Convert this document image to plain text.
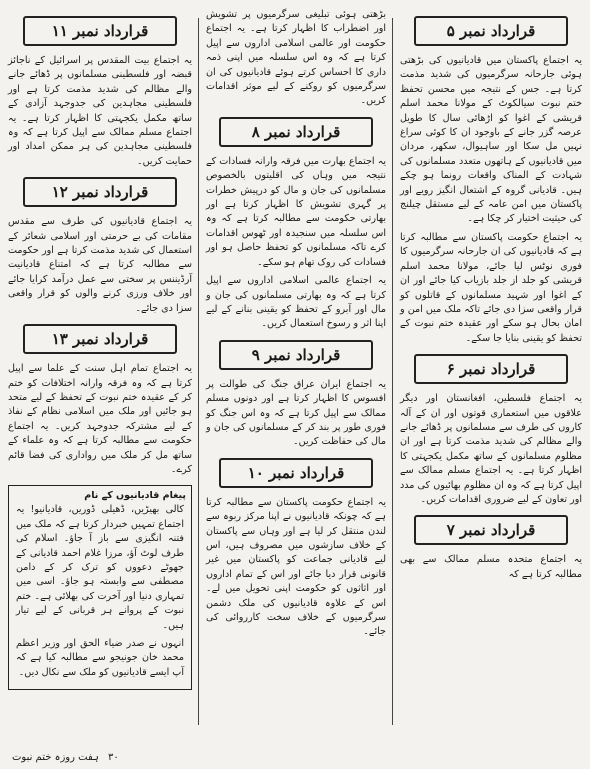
قرارداد نمبر ۵

یہ اجتماع پاکستان میں قادیانیوں کی بڑھتی ہوئی جارحانہ سرگرمیوں کی شدید مذمت کرتا ہے۔ جس کے نتیجہ میں محسن تحفظ ختم نبوت سیالکوٹ کے مولانا محمد اسلم قریشی کے اغوا کو اڑھائی سال کا طویل عرصہ گزر جانے کے باوجود ان کا کوئی سراغ نہیں مل سکا اور ساہیوال، سکھر، مردان میں قادیانیوں کے ہاتھوں متعدد مسلمانوں کی شہادت کے المناک واقعات رونما ہو چکے ہیں۔ قادیانی گروہ کے اشتعال انگیز رویے اور پاکستان میں امن عامہ کے لیے مستقل چیلنج کی حیثیت اختیار کر چکا ہے۔

یہ اجتماع حکومت پاکستان سے مطالبہ کرتا ہے کہ قادیانیوں کی ان جارحانہ سرگرمیوں کا فوری نوٹس لیا جائے، مولانا محمد اسلم قریشی کو جلد از جلد بازیاب کیا جائے اور ان کے اغوا اور شہید مسلمانوں کے قاتلوں کو قرار واقعی سزا دی جائے تاکہ ملک میں امن و امان بحال ہو سکے اور عقیدہ ختم نبوت کے تحفظ کو یقینی بنایا جا سکے۔

قرارداد نمبر ۶

یہ اجتماع فلسطین، افغانستان اور دیگر علاقوں میں استعماری قوتوں اور ان کے آلہ کاروں کی طرف سے مسلمانوں پر ڈھائے جانے والے مظالم کی شدید مذمت کرتا ہے اور ان مظلوم مسلمانوں کے ساتھ مکمل یکجہتی کا اظہار کرتا ہے۔ یہ اجتماع مسلم ممالک سے اپیل کرتا ہے کہ وہ ان مظلوم بھائیوں کی مدد اور تعاون کے لیے ضروری اقدامات کریں۔

قرارداد نمبر ۷

یہ اجتماع متحدہ مسلم ممالک سے بھی مطالبہ کرتا ہے کہ

بڑھتی ہوئی تبلیغی سرگرمیوں پر تشویش اور اضطراب کا اظہار کرتا ہے۔ یہ اجتماع حکومت اور عالمی اسلامی اداروں سے اپیل کرتا ہے کہ وہ اس سلسلہ میں اپنی ذمہ داری کا احساس کرتے ہوئے قادیانیوں کی ان سرگرمیوں کو روکنے کے لیے موثر اقدامات کریں۔

قرارداد نمبر ۸

یہ اجتماع بھارت میں فرقہ وارانہ فسادات کے نتیجہ میں وہاں کی اقلیتوں بالخصوص مسلمانوں کی جان و مال کو درپیش خطرات پر گہری تشویش کا اظہار کرتا ہے اور بھارتی حکومت سے مطالبہ کرتا ہے کہ وہ اس سلسلہ میں سنجیدہ اور ٹھوس اقدامات کرے تاکہ مسلمانوں کو تحفظ حاصل ہو اور فسادات کی روک تھام ہو سکے۔

یہ اجتماع عالمی اسلامی اداروں سے اپیل کرتا ہے کہ وہ بھارتی مسلمانوں کی جان و مال اور آبرو کے تحفظ کو یقینی بنانے کے لیے اپنا اثر و رسوخ استعمال کریں۔

قرارداد نمبر ۹

یہ اجتماع ایران عراق جنگ کی طوالت پر افسوس کا اظہار کرتا ہے اور دونوں مسلم ممالک سے اپیل کرتا ہے کہ وہ اس جنگ کو فوری طور پر بند کر کے مسلمانوں کی جان و مال کی حفاظت کریں۔

قرارداد نمبر ۱۰

یہ اجتماع حکومت پاکستان سے مطالبہ کرتا ہے کہ چونکہ قادیانیوں نے اپنا مرکز ربوہ سے لندن منتقل کر لیا ہے اور وہاں سے پاکستان کے خلاف سازشوں میں مصروف ہیں، اس لیے قادیانی جماعت کو پاکستان میں غیر قانونی قرار دیا جائے اور اس کے تمام اداروں اور اثاثوں کو حکومت اپنی تحویل میں لے۔ اس کے علاوہ قادیانیوں کی ملک دشمن سرگرمیوں کے خلاف سخت کارروائی کی جائے۔

قرارداد نمبر ۱۱

یہ اجتماع بیت المقدس پر اسرائیل کے ناجائز قبضہ اور فلسطینی مسلمانوں پر ڈھائے جانے والے مظالم کی شدید مذمت کرتا ہے اور فلسطینی مجاہدین کی جدوجہد آزادی کے ساتھ مکمل یکجہتی کا اظہار کرتا ہے۔ یہ اجتماع مسلم ممالک سے اپیل کرتا ہے کہ وہ فلسطینی مجاہدین کی ہر ممکن امداد اور حمایت کریں۔

قرارداد نمبر ۱۲

یہ اجتماع قادیانیوں کی طرف سے مقدس مقامات کی بے حرمتی اور اسلامی شعائر کے استعمال کی شدید مذمت کرتا ہے اور حکومت سے مطالبہ کرتا ہے کہ امتناع قادیانیت آرڈیننس پر سختی سے عمل درآمد کرایا جائے اور خلاف ورزی کرنے والوں کو قرار واقعی سزا دی جائے۔

قرارداد نمبر ۱۳

یہ اجتماع تمام اہل سنت کے علما سے اپیل کرتا ہے کہ وہ فرقہ وارانہ اختلافات کو ختم کر کے عقیدہ ختم نبوت کے تحفظ کے لیے متحد ہو جائیں اور ملک میں اسلامی نظام کے نفاذ کے لیے مشترکہ جدوجہد کریں۔ یہ اجتماع حکومت سے مطالبہ کرتا ہے کہ وہ علماء کے ساتھ مل کر ملک میں رواداری کی فضا قائم کرے۔

پیغام قادیانیوں کے نام

کالی بھیڑیں، ڈھیلی ڈوریں، قادیانیو! یہ اجتماع تمہیں خبردار کرتا ہے کہ ملک میں فتنہ انگیزی سے باز آ جاؤ۔ اسلام کی طرف لوٹ آؤ، مرزا غلام احمد قادیانی کے جھوٹے دعووں کو ترک کر کے دامن مصطفی سے وابستہ ہو جاؤ۔ اسی میں تمہاری دنیا اور آخرت کی بھلائی ہے۔ ختم نبوت کے پروانے ہر قربانی کے لیے تیار ہیں۔

انہوں نے صدر ضیاء الحق اور وزیر اعظم محمد خان جونیجو سے مطالبہ کیا ہے کہ آپ ایسے قادیانیوں کو ملک سے نکال دیں۔

۳۰ ہفت روزہ ختم نبوت
